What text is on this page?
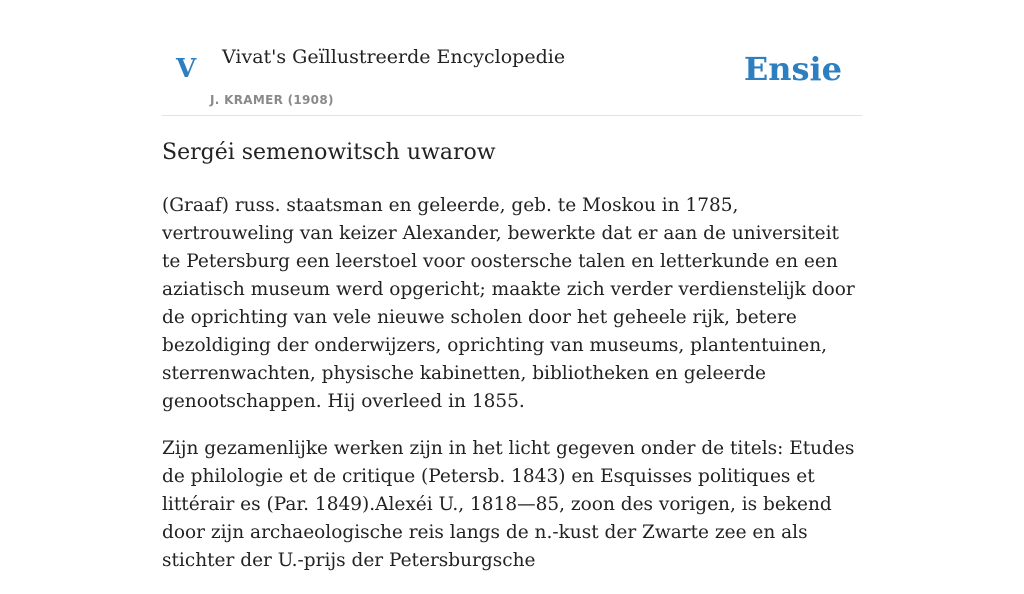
V Vivat's Geïllustreerde Encyclopedie
J. KRAMER (1908)
Ensie
Sergéi semenowitsch uwarow

(Graaf) russ. staatsman en geleerde, geb. te Moskou in 1785, vertrouweling van keizer Alexander, bewerkte dat er aan de universiteit te Petersburg een leerstoel voor oostersche talen en letterkunde en een aziatisch museum werd opgericht; maakte zich verder verdienstelijk door de oprichting van vele nieuwe scholen door het geheele rijk, betere bezoldiging der onderwijzers, oprichting van museums, plantentuinen, sterrenwachten, physische kabinetten, bibliotheken en geleerde genootschappen. Hij overleed in 1855.

Zijn gezamenlijke werken zijn in het licht gegeven onder de titels: Etudes de philologie et de critique (Petersb. 1843) en Esquisses politiques et littérair es (Par. 1849).Alexéi U., 1818—85, zoon des vorigen, is bekend door zijn archaeologische reis langs de n.-kust der Zwarte zee en als stichter der U.-prijs der Petersburgsche
